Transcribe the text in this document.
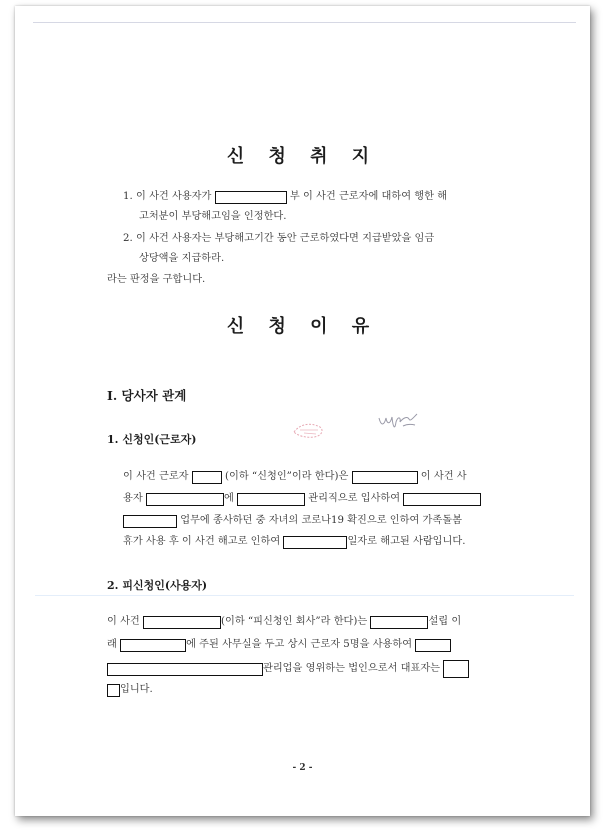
신 청 취 지
1. 이 사건 사용자가	부 이 사건 근로자에 대하여 행한 해
고처분이 부당해고임을 인정한다.
2. 이 사건 사용자는 부당해고기간 동안 근로하였다면 지급받았을 임금
상당액을 지급하라.
라는 판정을 구합니다.
신 청 이 유
Ⅰ. 당사자 관계
1. 신청인(근로자)
이 사건 근로자	(이하 “신청인”이라 한다)은	이 사건 사
용자	에	관리직으로 입사하여
업무에 종사하던 중 자녀의 코로나19 확진으로 인하여 가족돌봄
휴가 사용 후 이 사건 해고로 인하여	일자로 해고된 사람입니다.
2. 피신청인(사용자)
이 사건	(이하 “피신청인 회사”라 한다)는	설립 이
래	에 주된 사무실을 두고 상시 근로자 5명을 사용하여
관리업을 영위하는 법인으로서 대표자는
입니다.
- 2 -
